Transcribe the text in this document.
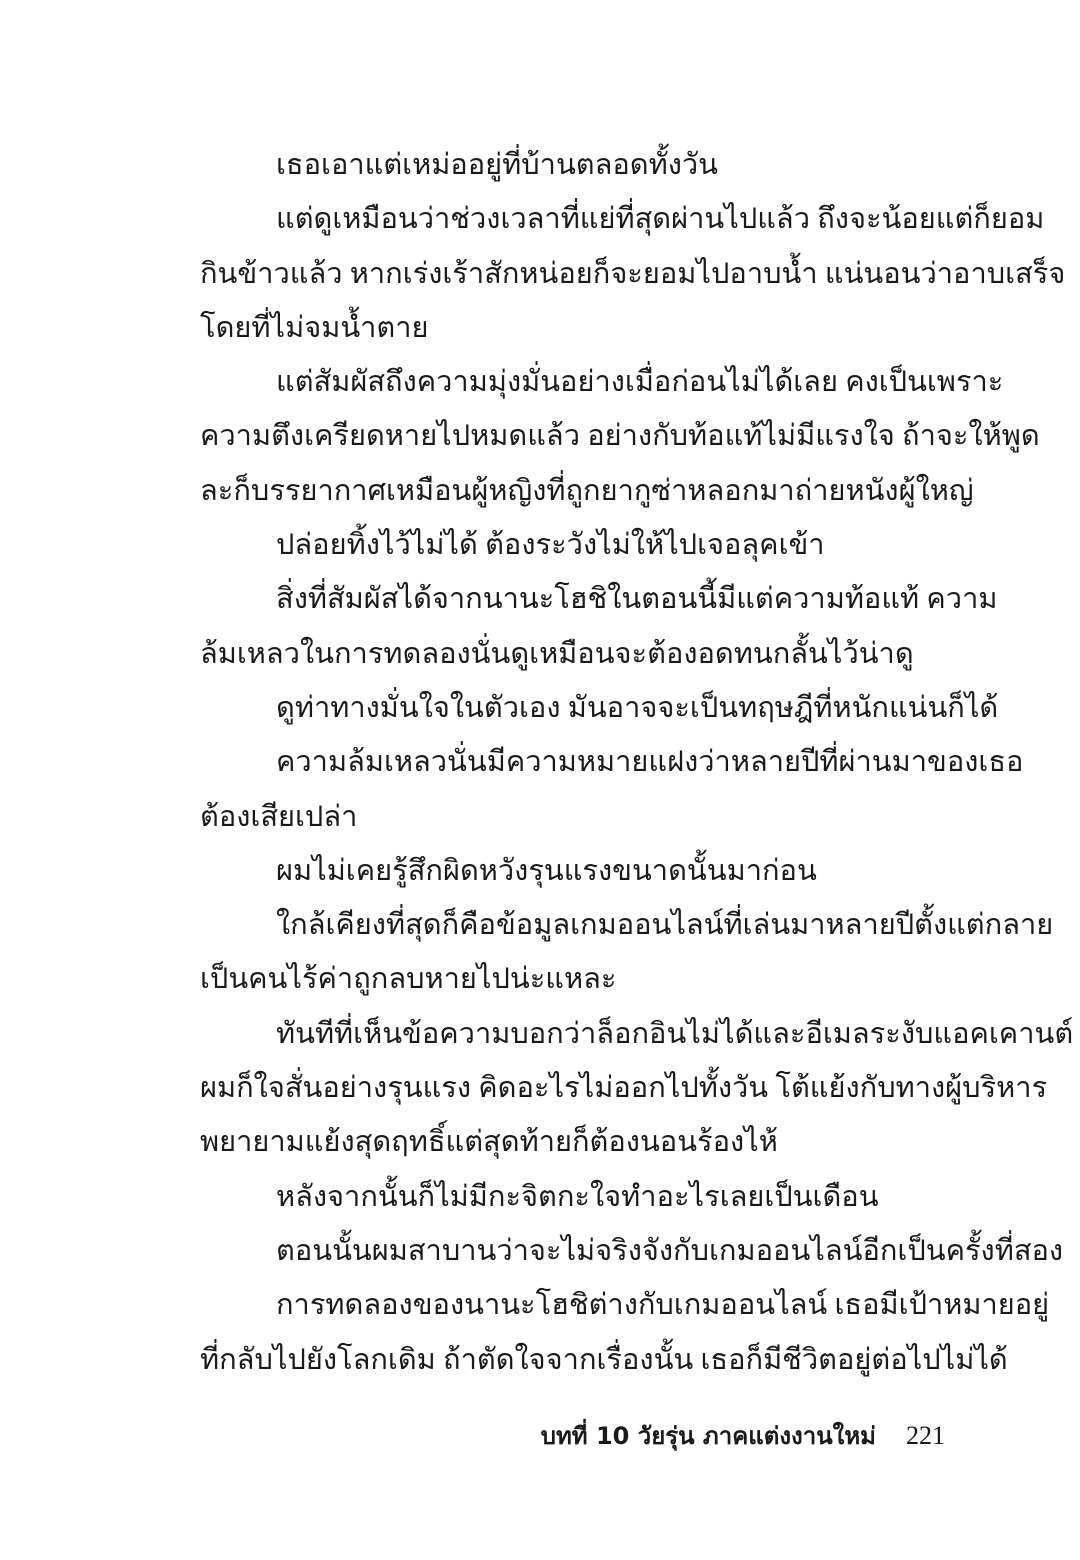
เธอเอาแต่เหม่ออยู่ที่บ้านตลอดทั้งวัน
แต่ดูเหมือนว่าช่วงเวลาที่แย่ที่สุดผ่านไปแล้ว ถึงจะน้อยแต่ก็ยอม
กินข้าวแล้ว หากเร่งเร้าสักหน่อยก็จะยอมไปอาบน้ำ แน่นอนว่าอาบเสร็จ
โดยที่ไม่จมน้ำตาย
แต่สัมผัสถึงความมุ่งมั่นอย่างเมื่อก่อนไม่ได้เลย คงเป็นเพราะ
ความตึงเครียดหายไปหมดแล้ว อย่างกับท้อแท้ไม่มีแรงใจ ถ้าจะให้พูด
ละก็บรรยากาศเหมือนผู้หญิงที่ถูกยากูซ่าหลอกมาถ่ายหนังผู้ใหญ่
ปล่อยทิ้งไว้ไม่ได้ ต้องระวังไม่ให้ไปเจอลุคเข้า
สิ่งที่สัมผัสได้จากนานะโฮชิในตอนนี้มีแต่ความท้อแท้ ความ
ล้มเหลวในการทดลองนั่นดูเหมือนจะต้องอดทนกลั้นไว้น่าดู
ดูท่าทางมั่นใจในตัวเอง มันอาจจะเป็นทฤษฎีที่หนักแน่นก็ได้
ความล้มเหลวนั่นมีความหมายแฝงว่าหลายปีที่ผ่านมาของเธอ
ต้องเสียเปล่า
ผมไม่เคยรู้สึกผิดหวังรุนแรงขนาดนั้นมาก่อน
ใกล้เคียงที่สุดก็คือข้อมูลเกมออนไลน์ที่เล่นมาหลายปีตั้งแต่กลาย
เป็นคนไร้ค่าถูกลบหายไปน่ะแหละ
ทันทีที่เห็นข้อความบอกว่าล็อกอินไม่ได้และอีเมลระงับแอคเคานต์
ผมก็ใจสั่นอย่างรุนแรง คิดอะไรไม่ออกไปทั้งวัน โต้แย้งกับทางผู้บริหาร
พยายามแย้งสุดฤทธิ์แต่สุดท้ายก็ต้องนอนร้องไห้
หลังจากนั้นก็ไม่มีกะจิตกะใจทำอะไรเลยเป็นเดือน
ตอนนั้นผมสาบานว่าจะไม่จริงจังกับเกมออนไลน์อีกเป็นครั้งที่สอง
การทดลองของนานะโฮชิต่างกับเกมออนไลน์ เธอมีเป้าหมายอยู่
ที่กลับไปยังโลกเดิม ถ้าตัดใจจากเรื่องนั้น เธอก็มีชีวิตอยู่ต่อไปไม่ได้
บทที่ 10 วัยรุ่น ภาคแต่งงานใหม่ 221
